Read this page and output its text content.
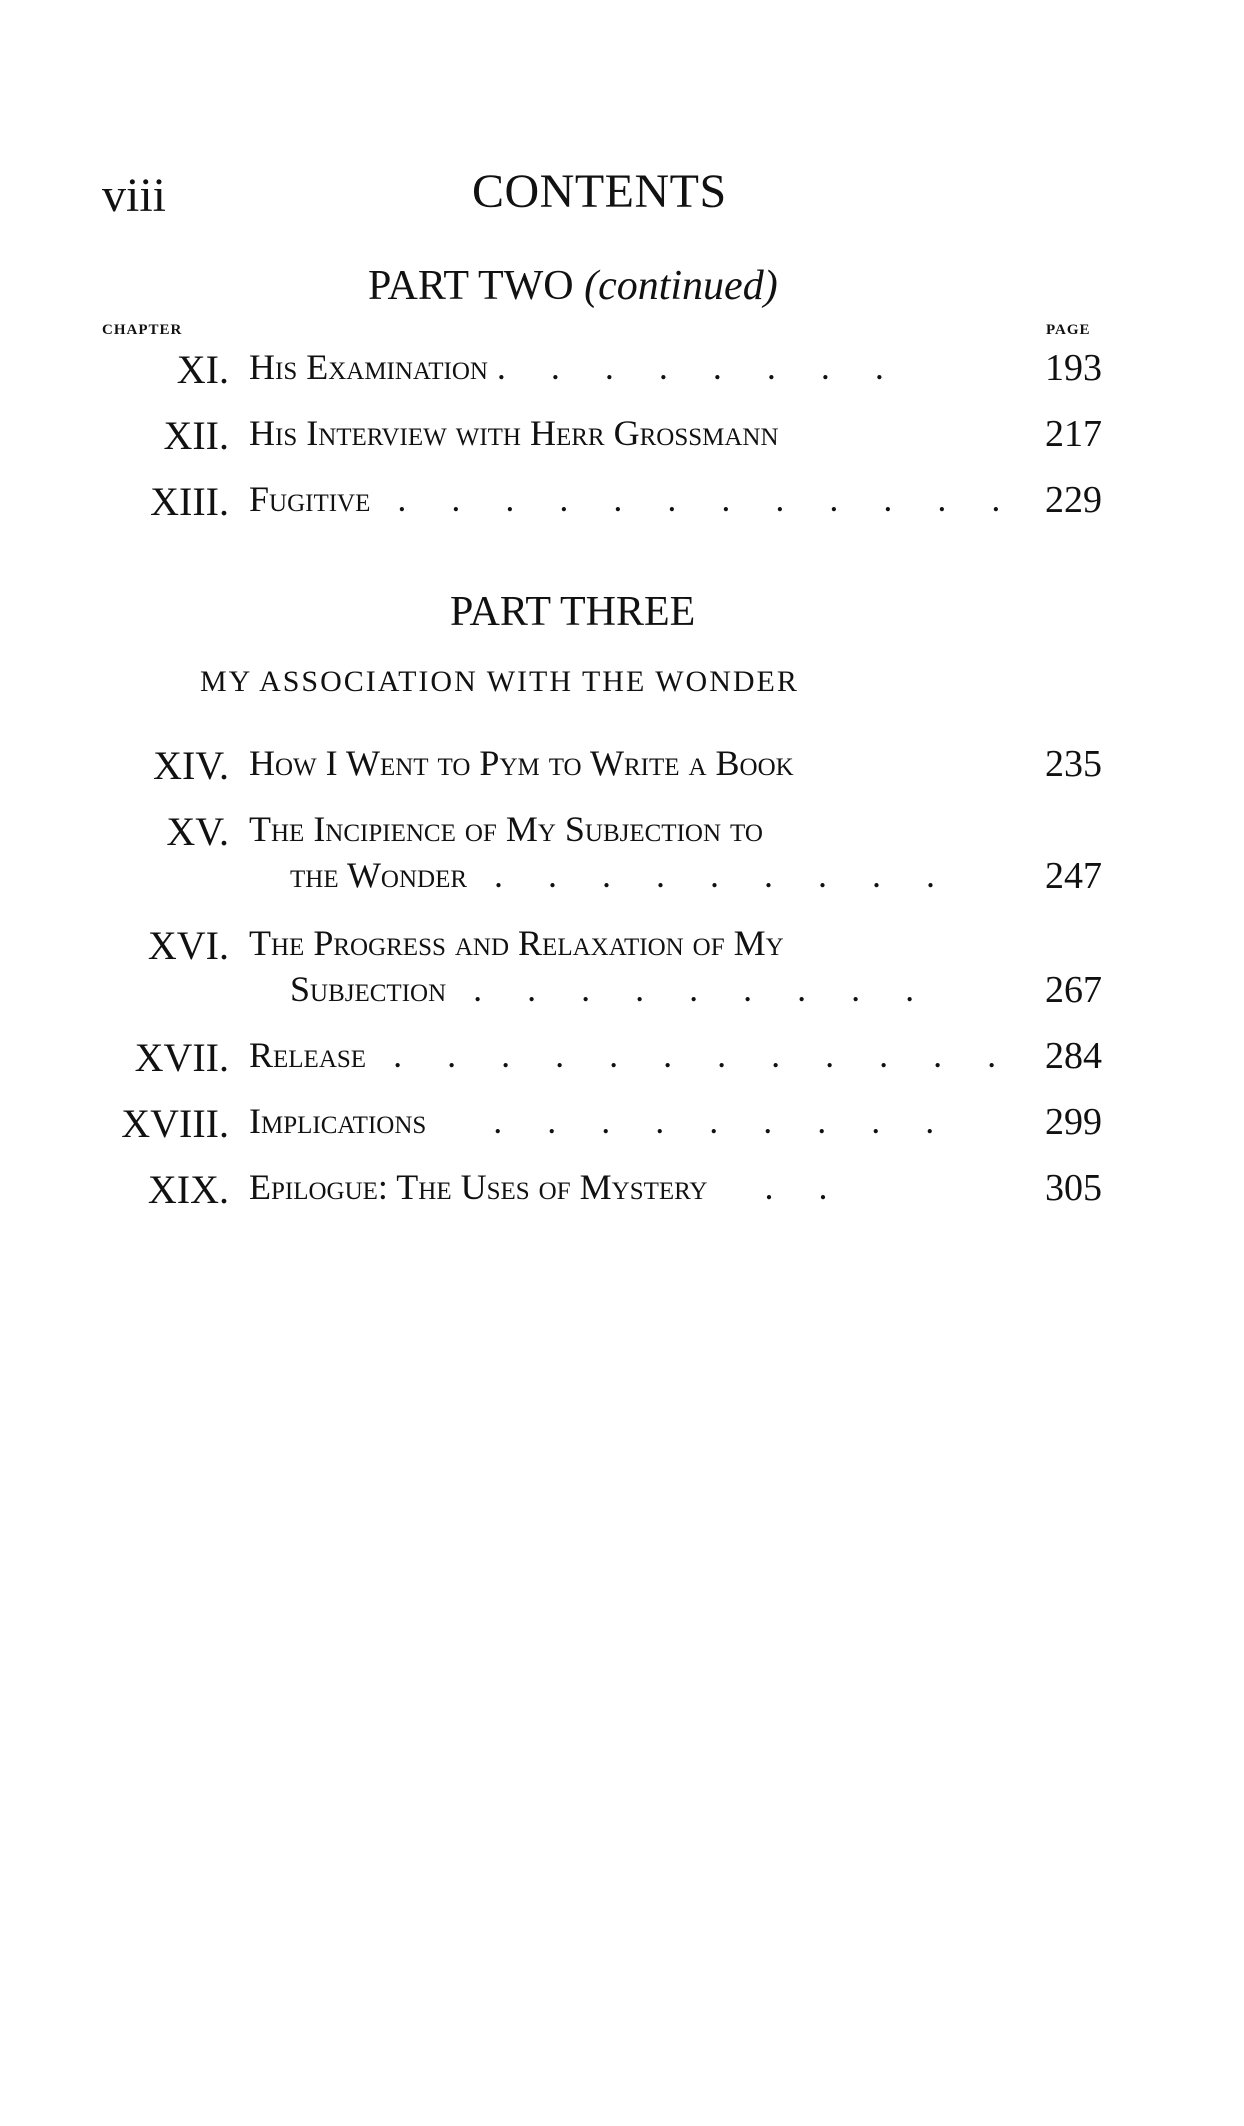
viii	CONTENTS
PART TWO (continued)
CHAPTER	PAGE
XI. His Examination . . . . . . . .	193
XII. His Interview with Herr Grossmann	217
XIII. Fugitive . . . . . . . . . . . . 229
PART THREE
MY ASSOCIATION WITH THE WONDER
XIV. How I Went to Pym to Write a Book	235
XV. The Incipience of My Subjection to
the Wonder . . . . . . . . .	247
XVI. The Progress and Relaxation of My
Subjection . . . . . . . . .	267
XVII. Release . . . . . . . . . . . . 284
XVIII. Implications . . . . . . . . .	299
XIX. Epilogue: The Uses of Mystery . .	305
